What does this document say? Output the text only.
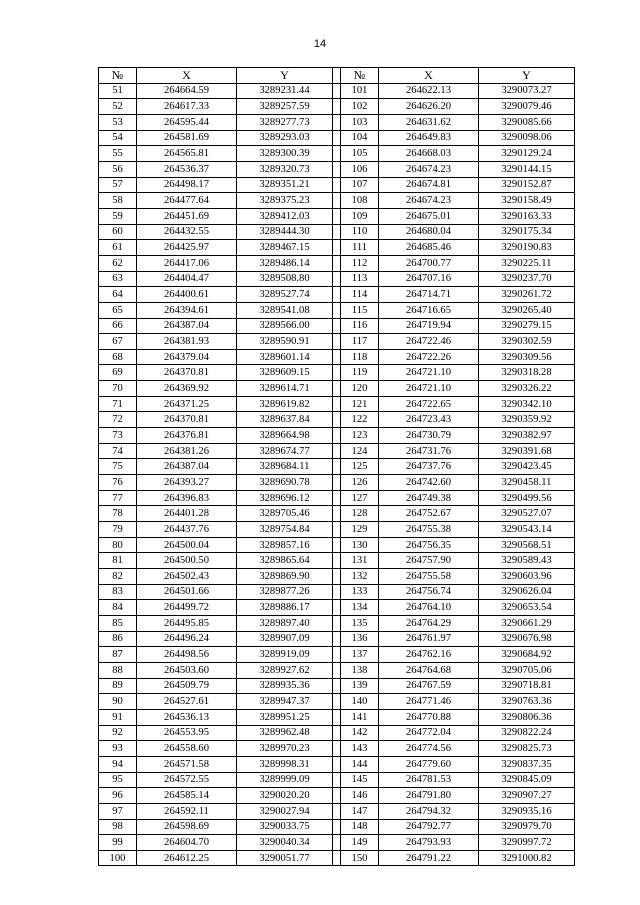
14
№	X	Y		№	X	Y
51	264664.59	3289231.44		101	264622.13	3290073.27
52	264617.33	3289257.59		102	264626.20	3290079.46
53	264595.44	3289277.73		103	264631.62	3290085.66
54	264581.69	3289293.03		104	264649.83	3290098.06
55	264565.81	3289300.39		105	264668.03	3290129.24
56	264536.37	3289320.73		106	264674.23	3290144.15
57	264498.17	3289351.21		107	264674.81	3290152.87
58	264477.64	3289375.23		108	264674.23	3290158.49
59	264451.69	3289412.03		109	264675.01	3290163.33
60	264432.55	3289444.30		110	264680.04	3290175.34
61	264425.97	3289467.15		111	264685.46	3290190.83
62	264417.06	3289486.14		112	264700.77	3290225.11
63	264404.47	3289508.80		113	264707.16	3290237.70
64	264400.61	3289527.74		114	264714.71	3290261.72
65	264394.61	3289541.08		115	264716.65	3290265.40
66	264387.04	3289566.00		116	264719.94	3290279.15
67	264381.93	3289590.91		117	264722.46	3290302.59
68	264379.04	3289601.14		118	264722.26	3290309.56
69	264370.81	3289609.15		119	264721.10	3290318.28
70	264369.92	3289614.71		120	264721.10	3290326.22
71	264371.25	3289619.82		121	264722.65	3290342.10
72	264370.81	3289637.84		122	264723.43	3290359.92
73	264376.81	3289664.98		123	264730.79	3290382.97
74	264381.26	3289674.77		124	264731.76	3290391.68
75	264387.04	3289684.11		125	264737.76	3290423.45
76	264393.27	3289690.78		126	264742.60	3290458.11
77	264396.83	3289696.12		127	264749.38	3290499.56
78	264401.28	3289705.46		128	264752.67	3290527.07
79	264437.76	3289754.84		129	264755.38	3290543.14
80	264500.04	3289857.16		130	264756.35	3290568.51
81	264500.50	3289865.64		131	264757.90	3290589.43
82	264502.43	3289869.90		132	264755.58	3290603.96
83	264501.66	3289877.26		133	264756.74	3290626.04
84	264499.72	3289886.17		134	264764.10	3290653.54
85	264495.85	3289897.40		135	264764.29	3290661.29
86	264496.24	3289907.09		136	264761.97	3290676.98
87	264498.56	3289919.09		137	264762.16	3290684.92
88	264503.60	3289927.62		138	264764.68	3290705.06
89	264509.79	3289935.36		139	264767.59	3290718.81
90	264527.61	3289947.37		140	264771.46	3290763.36
91	264536.13	3289951.25		141	264770.88	3290806.36
92	264553.95	3289962.48		142	264772.04	3290822.24
93	264558.60	3289970.23		143	264774.56	3290825.73
94	264571.58	3289998.31		144	264779.60	3290837.35
95	264572.55	3289999.09		145	264781.53	3290845.09
96	264585.14	3290020.20		146	264791.80	3290907.27
97	264592.11	3290027.94		147	264794.32	3290935.16
98	264598.69	3290033.75		148	264792.77	3290979.70
99	264604.70	3290040.34		149	264793.93	3290997.72
100	264612.25	3290051.77		150	264791.22	3291000.82
